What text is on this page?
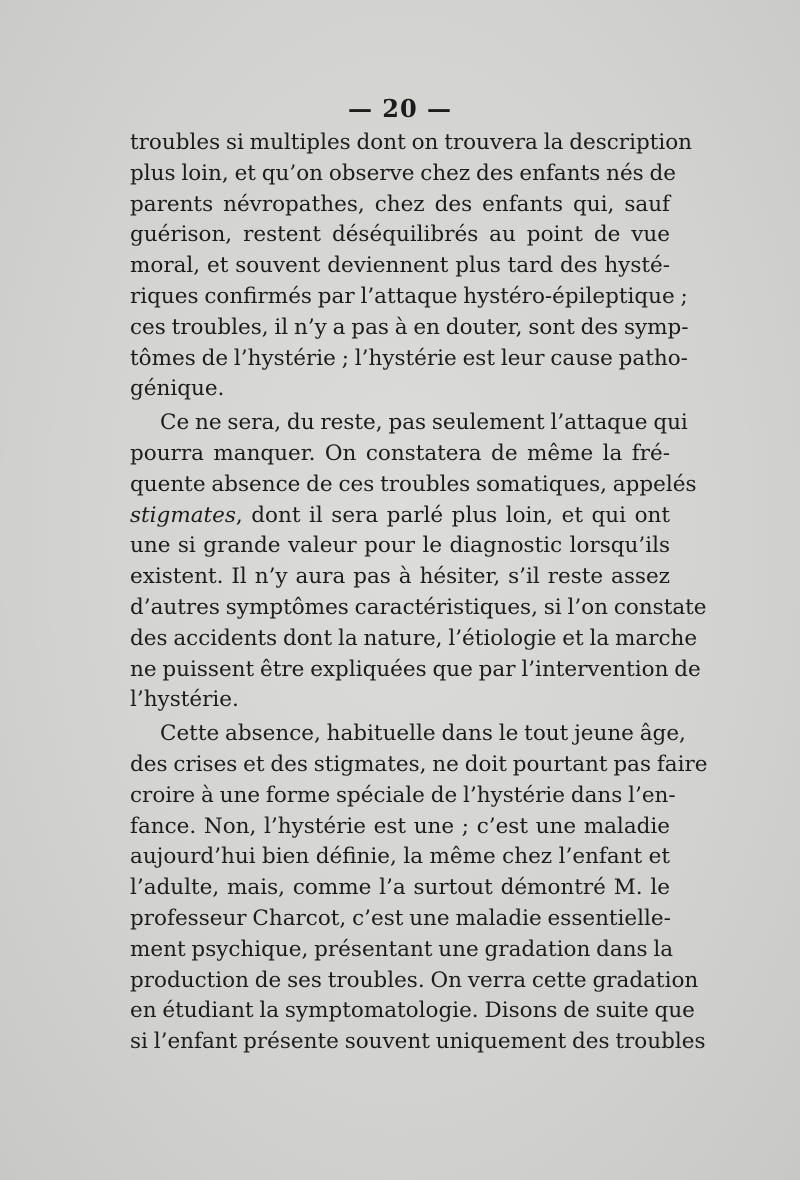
— 20 —
troubles si multiples dont on trouvera la description
plus loin, et qu’on observe chez des enfants nés de
parents névropathes, chez des enfants qui, sauf
guérison, restent déséquilibrés au point de vue
moral, et souvent deviennent plus tard des hysté-
riques confirmés par l’attaque hystéro-épileptique ;
ces troubles, il n’y a pas à en douter, sont des symp-
tômes de l’hystérie ; l’hystérie est leur cause patho-
génique.
Ce ne sera, du reste, pas seulement l’attaque qui
pourra manquer. On constatera de même la fré-
quente absence de ces troubles somatiques, appelés
stigmates, dont il sera parlé plus loin, et qui ont
une si grande valeur pour le diagnostic lorsqu’ils
existent. Il n’y aura pas à hésiter, s’il reste assez
d’autres symptômes caractéristiques, si l’on constate
des accidents dont la nature, l’étiologie et la marche
ne puissent être expliquées que par l’intervention de
l’hystérie.
Cette absence, habituelle dans le tout jeune âge,
des crises et des stigmates, ne doit pourtant pas faire
croire à une forme spéciale de l’hystérie dans l’en-
fance. Non, l’hystérie est une ; c’est une maladie
aujourd’hui bien définie, la même chez l’enfant et
l’adulte, mais, comme l’a surtout démontré M. le
professeur Charcot, c’est une maladie essentielle-
ment psychique, présentant une gradation dans la
production de ses troubles. On verra cette gradation
en étudiant la symptomatologie. Disons de suite que
si l’enfant présente souvent uniquement des troubles
